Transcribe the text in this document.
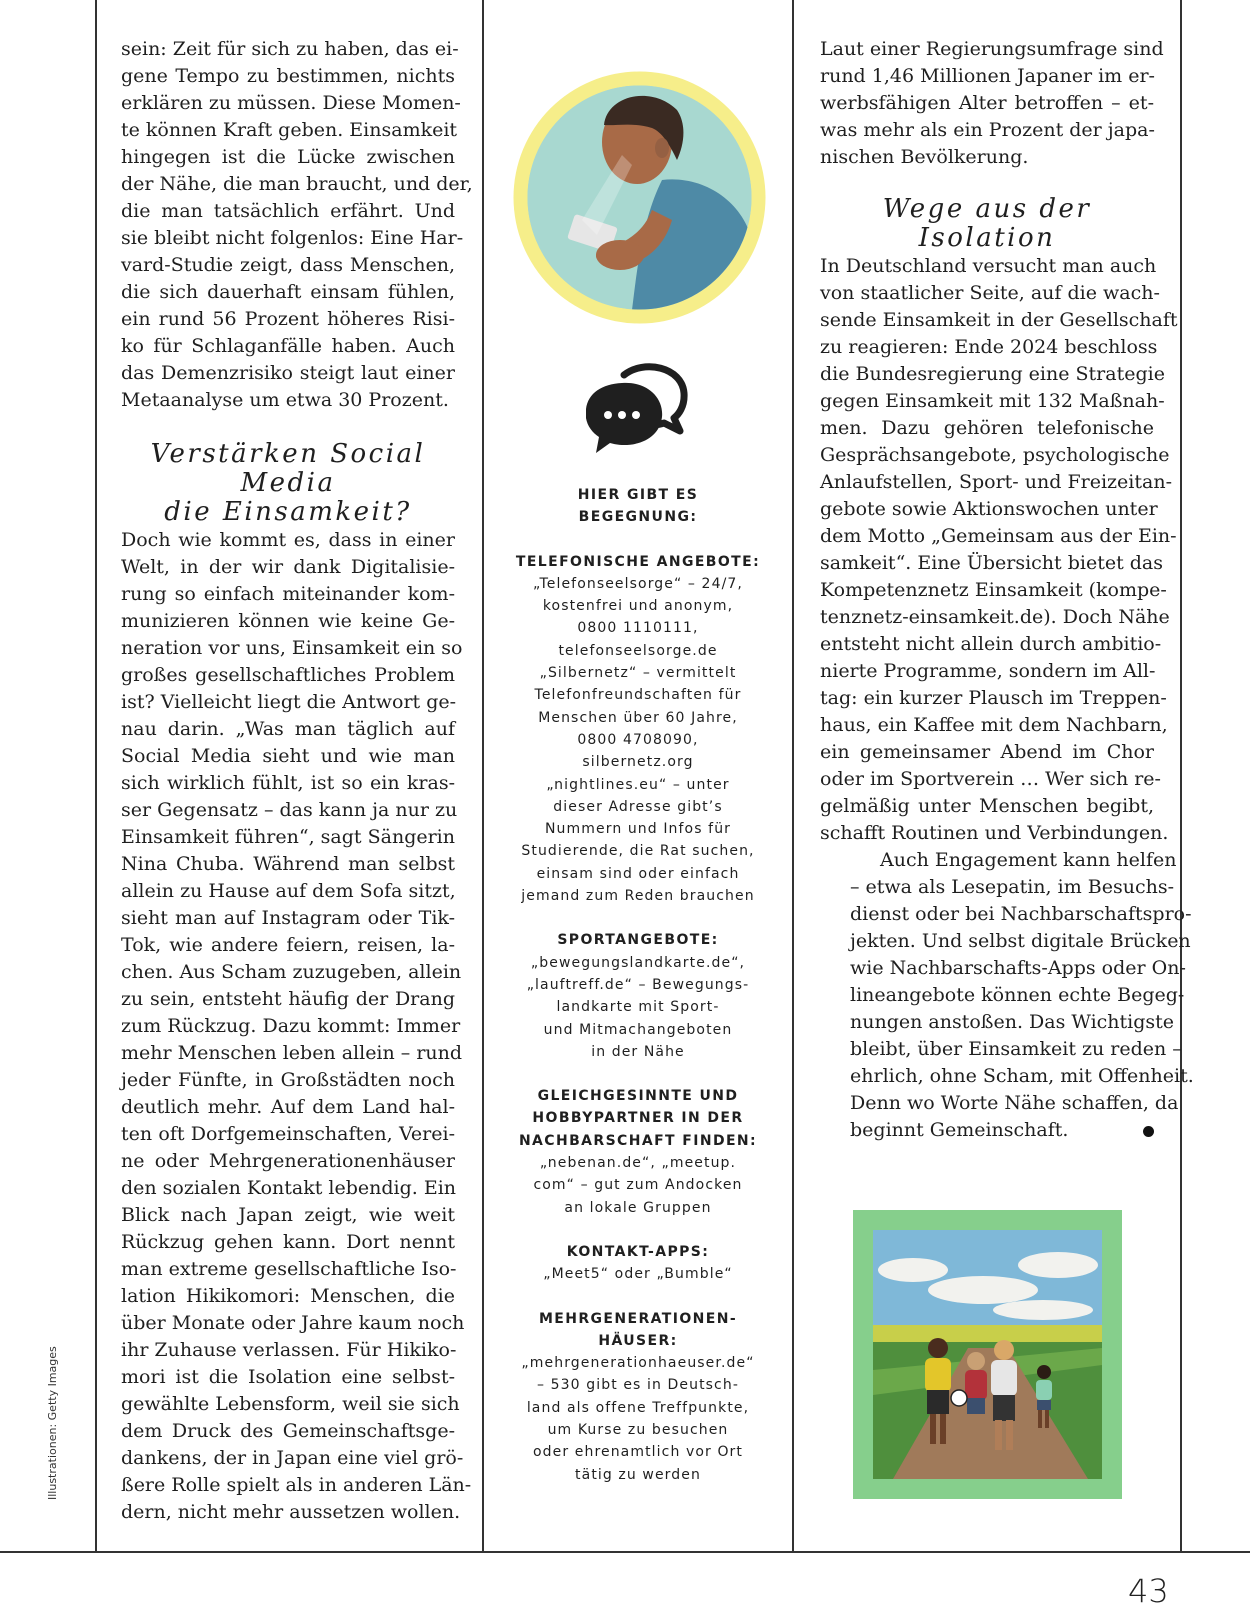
Illustrationen: Getty Images

sein: Zeit für sich zu haben, das ei-
gene Tempo zu bestimmen, nichts
erklären zu müssen. Diese Momen-
te können Kraft geben. Einsamkeit
hingegen ist die Lücke zwischen
der Nähe, die man braucht, und der,
die man tatsächlich erfährt. Und
sie bleibt nicht folgenlos: Eine Har-
vard-Studie zeigt, dass Menschen,
die sich dauerhaft einsam fühlen,
ein rund 56 Prozent höheres Risi-
ko für Schlaganfälle haben. Auch
das Demenzrisiko steigt laut einer
Metaanalyse um etwa 30 Prozent.

Verstärken Social Media
die Einsamkeit?

Doch wie kommt es, dass in einer
Welt, in der wir dank Digitalisie-
rung so einfach miteinander kom-
munizieren können wie keine Ge-
neration vor uns, Einsamkeit ein so
großes gesellschaftliches Problem
ist? Vielleicht liegt die Antwort ge-
nau darin. „Was man täglich auf
Social Media sieht und wie man
sich wirklich fühlt, ist so ein kras-
ser Gegensatz – das kann ja nur zu
Einsamkeit führen“, sagt Sängerin
Nina Chuba. Während man selbst
allein zu Hause auf dem Sofa sitzt,
sieht man auf Instagram oder Tik-
Tok, wie andere feiern, reisen, la-
chen. Aus Scham zuzugeben, allein
zu sein, entsteht häufig der Drang
zum Rückzug. Dazu kommt: Immer
mehr Menschen leben allein – rund
jeder Fünfte, in Großstädten noch
deutlich mehr. Auf dem Land hal-
ten oft Dorfgemeinschaften, Verei-
ne oder Mehrgenerationenhäuser
den sozialen Kontakt lebendig. Ein
Blick nach Japan zeigt, wie weit
Rückzug gehen kann. Dort nennt
man extreme gesellschaftliche Iso-
lation Hikikomori: Menschen, die
über Monate oder Jahre kaum noch
ihr Zuhause verlassen. Für Hikiko-
mori ist die Isolation eine selbst-
gewählte Lebensform, weil sie sich
dem Druck des Gemeinschaftsge-
dankens, der in Japan eine viel grö-
ßere Rolle spielt als in anderen Län-
dern, nicht mehr aussetzen wollen.

HIER GIBT ES
BEGEGNUNG:
TELEFONISCHE ANGEBOTE:
„Telefonseelsorge“ – 24/7,
kostenfrei und anonym,
0800 1110111,
telefonseelsorge.de
„Silbernetz“ – vermittelt
Telefonfreundschaften für
Menschen über 60 Jahre,
0800 4708090,
silbernetz.org
„nightlines.eu“ – unter
dieser Adresse gibt’s
Nummern und Infos für
Studierende, die Rat suchen,
einsam sind oder einfach
jemand zum Reden brauchen
SPORTANGEBOTE:
„bewegungslandkarte.de“,
„lauftreff.de“ – Bewegungs-
landkarte mit Sport-
und Mitmachangeboten
in der Nähe
GLEICHGESINNTE UND
HOBBYPARTNER IN DER
NACHBARSCHAFT FINDEN:
„nebenan.de“, „meetup.
com“ – gut zum Andocken
an lokale Gruppen
KONTAKT-APPS:
„Meet5“ oder „Bumble“
MEHRGENERATIONEN-
HÄUSER:
„mehrgenerationhaeuser.de“
– 530 gibt es in Deutsch-
land als offene Treffpunkte,
um Kurse zu besuchen
oder ehrenamtlich vor Ort
tätig zu werden

Laut einer Regierungsumfrage sind
rund 1,46 Millionen Japaner im er-
werbsfähigen Alter betroffen – et-
was mehr als ein Prozent der japa-
nischen Bevölkerung.

Wege aus der Isolation

In Deutschland versucht man auch
von staatlicher Seite, auf die wach-
sende Einsamkeit in der Gesellschaft
zu reagieren: Ende 2024 beschloss
die Bundesregierung eine Strategie
gegen Einsamkeit mit 132 Maßnah-
men. Dazu gehören telefonische
Gesprächsangebote, psychologische
Anlaufstellen, Sport- und Freizeitan-
gebote sowie Aktionswochen unter
dem Motto „Gemeinsam aus der Ein-
samkeit“. Eine Übersicht bietet das
Kompetenznetz Einsamkeit (kompe-
tenznetz-einsamkeit.de). Doch Nähe
entsteht nicht allein durch ambitio-
nierte Programme, sondern im All-
tag: ein kurzer Plausch im Treppen-
haus, ein Kaffee mit dem Nachbarn,
ein gemeinsamer Abend im Chor
oder im Sportverein … Wer sich re-
gelmäßig unter Menschen begibt,
schafft Routinen und Verbindungen.

Auch Engagement kann helfen
– etwa als Lesepatin, im Besuchs-
dienst oder bei Nachbarschaftspro-
jekten. Und selbst digitale Brücken
wie Nachbarschafts-Apps oder On-
lineangebote können echte Begeg-
nungen anstoßen. Das Wichtigste
bleibt, über Einsamkeit zu reden –
ehrlich, ohne Scham, mit Offenheit.
Denn wo Worte Nähe schaffen, da
beginnt Gemeinschaft.

43
